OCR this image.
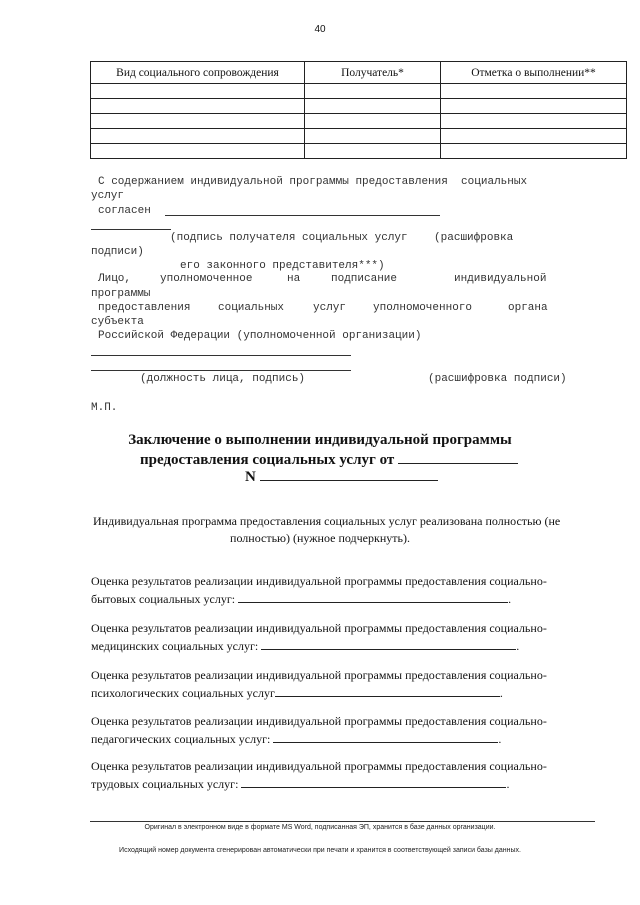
40
Вид социального сопровождения	Получатель*	Отметка о выполнении**

С содержанием индивидуальной программы предоставления  социальных
услуг
согласен
(подпись получателя социальных услуг    (расшифровка
подписи)
его законного представителя***)
Лицо,	уполномоченное	на	подписание	индивидуальной
программы
предоставления	социальных	услуг уполномоченного	органа
субъекта
Российской Федерации (уполномоченной организации)
(должность лица, подпись)	(расшифровка подписи)
М.П.
Заключение о выполнении индивидуальной программы
предоставления социальных услуг от
N
Индивидуальная программа предоставления социальных услуг реализована полностью (не
полностью) (нужное подчеркнуть).
Оценка результатов реализации индивидуальной программы предоставления социально-
бытовых социальных услуг:	.
Оценка результатов реализации индивидуальной программы предоставления социально-
медицинских социальных услуг:	.
Оценка результатов реализации индивидуальной программы предоставления социально-
психологических социальных услуг	.
Оценка результатов реализации индивидуальной программы предоставления социально-
педагогических социальных услуг:	.
Оценка результатов реализации индивидуальной программы предоставления социально-
трудовых социальных услуг:	.
Оригинал в электронном виде в формате MS Word, подписанная ЭП, хранится в базе данных организации.
Исходящий номер документа сгенерирован автоматически при печати и хранится в соответствующей записи базы данных.
